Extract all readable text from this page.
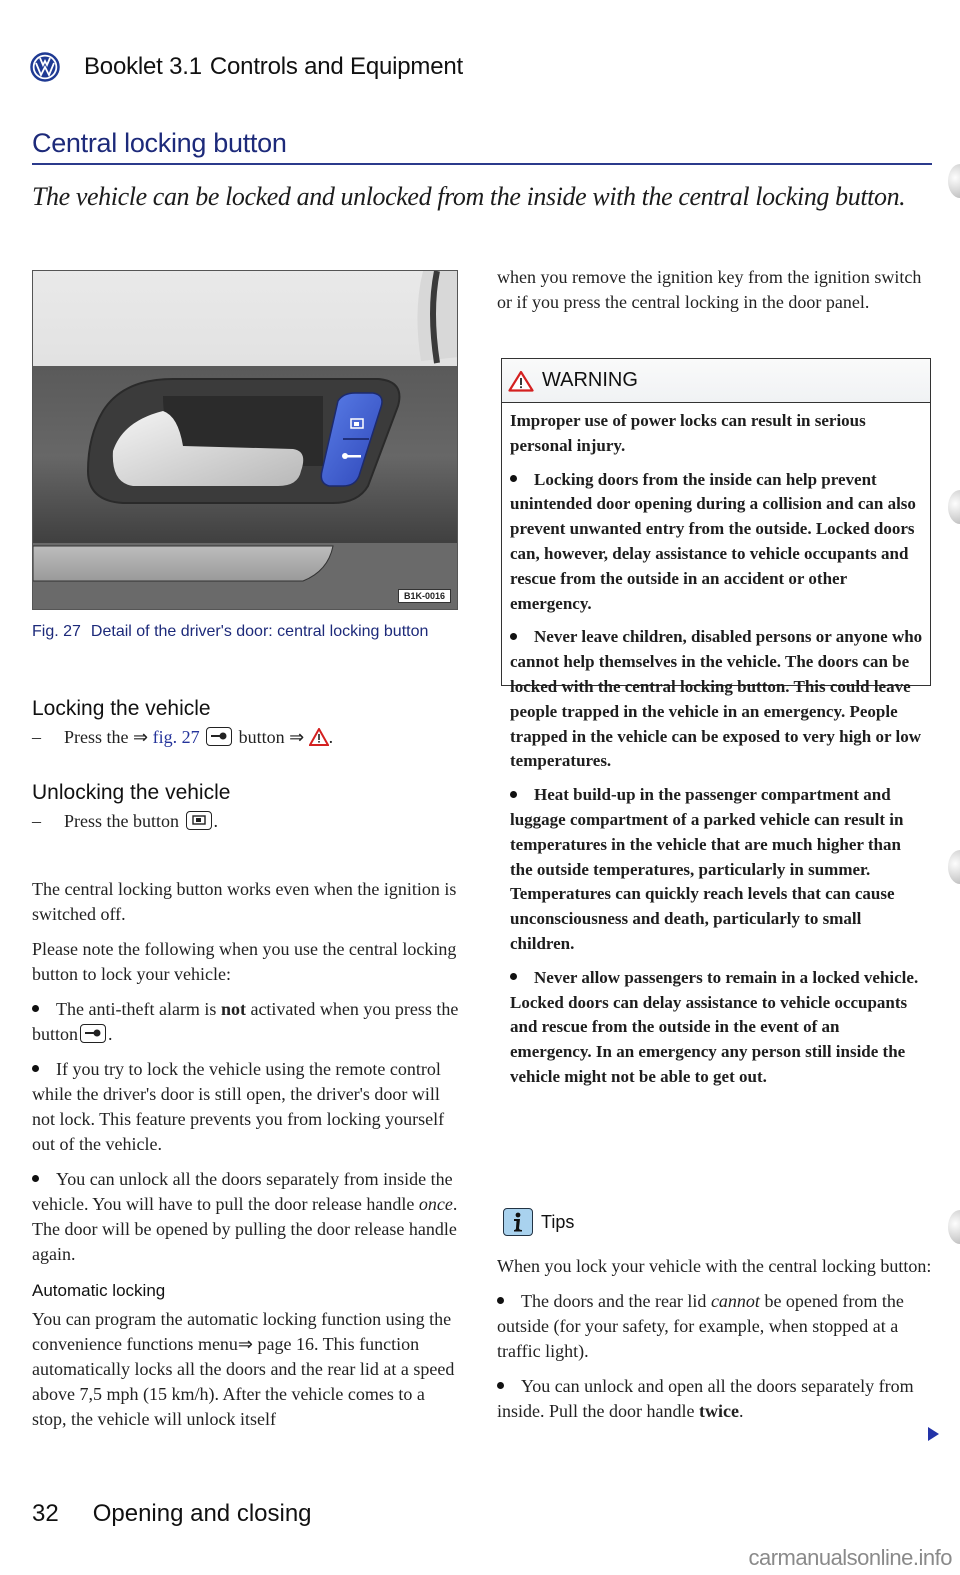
Booklet 3.1 Controls and Equipment
Central locking button
The vehicle can be locked and unlocked from the inside with the central locking button.
B1K-0016
Fig. 27 Detail of the driver's door: central locking button
Locking the vehicle
–	Press the ⇒ fig. 27 button ⇒ .
Unlocking the vehicle
–	Press the button .

The central locking button works even when the ignition is switched off.

Please note the following when you use the central locking button to lock your vehicle:

The anti-theft alarm is not activated when you press the button .

If you try to lock the vehicle using the remote control while the driver's door is still open, the driver's door will not lock. This feature prevents you from locking yourself out of the vehicle.

You can unlock all the doors separately from inside the vehicle. You will have to pull the door release handle once. The door will be opened by pulling the door release handle again.

Automatic locking

You can program the automatic locking function using the convenience functions menu⇒ page 16. This function automatically locks all the doors and the rear lid at a speed above 7,5 mph (15 km/h). After the vehicle comes to a stop, the vehicle will unlock itself

32 Opening and closing
when you remove the ignition key from the ignition switch or if you press the central locking in the door panel.
WARNING

Improper use of power locks can result in serious personal injury.

Locking doors from the inside can help prevent unintended door opening during a collision and can also prevent unwanted entry from the outside. Locked doors can, however, delay assistance to vehicle occupants and rescue from the outside in an accident or other emergency.

Never leave children, disabled persons or anyone who cannot help themselves in the vehicle. The doors can be locked with the central locking button. This could leave people trapped in the vehicle in an emergency. People trapped in the vehicle can be exposed to very high or low temperatures.

Heat build-up in the passenger compartment and luggage compartment of a parked vehicle can result in temperatures in the vehicle that are much higher than the outside temperatures, particularly in summer. Temperatures can quickly reach levels that can cause unconsciousness and death, particularly to small children.

Never allow passengers to remain in a locked vehicle. Locked doors can delay assistance to vehicle occupants and rescue from the outside in the event of an emergency. In an emergency any person still inside the vehicle might not be able to get out.

Tips

When you lock your vehicle with the central locking button:

The doors and the rear lid cannot be opened from the outside (for your safety, for example, when stopped at a traffic light).

You can unlock and open all the doors separately from inside. Pull the door handle twice.

carmanualsonline.info
